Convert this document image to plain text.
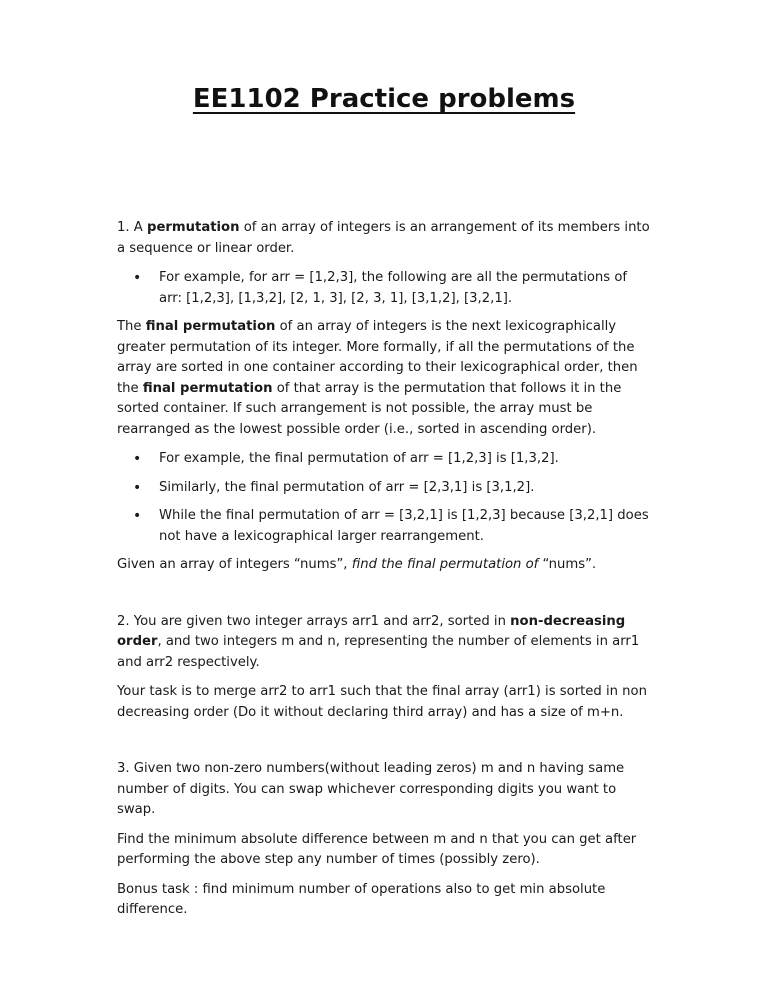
EE1102 Practice problems

1. A permutation of an array of integers is an arrangement of its members into a sequence or linear order.

• For example, for arr = [1,2,3], the following are all the permutations of arr: [1,2,3], [1,3,2], [2, 1, 3], [2, 3, 1], [3,1,2], [3,2,1].

The final permutation of an array of integers is the next lexicographically greater permutation of its integer. More formally, if all the permutations of the array are sorted in one container according to their lexicographical order, then the final permutation of that array is the permutation that follows it in the sorted container. If such arrangement is not possible, the array must be rearranged as the lowest possible order (i.e., sorted in ascending order).

• For example, the final permutation of arr = [1,2,3] is [1,3,2].
• Similarly, the final permutation of arr = [2,3,1] is [3,1,2].
• While the final permutation of arr = [3,2,1] is [1,2,3] because [3,2,1] does not have a lexicographical larger rearrangement.

Given an array of integers “nums”, find the final permutation of “nums”.

2. You are given two integer arrays arr1 and arr2, sorted in non-decreasing order, and two integers m and n, representing the number of elements in arr1 and arr2 respectively.

Your task is to merge arr2 to arr1 such that the final array (arr1) is sorted in non decreasing order (Do it without declaring third array) and has a size of m+n.

3. Given two non-zero numbers(without leading zeros) m and n having same number of digits. You can swap whichever corresponding digits you want to swap.

Find the minimum absolute difference between m and n that you can get after performing the above step any number of times (possibly zero).

Bonus task : find minimum number of operations also to get min absolute difference.
